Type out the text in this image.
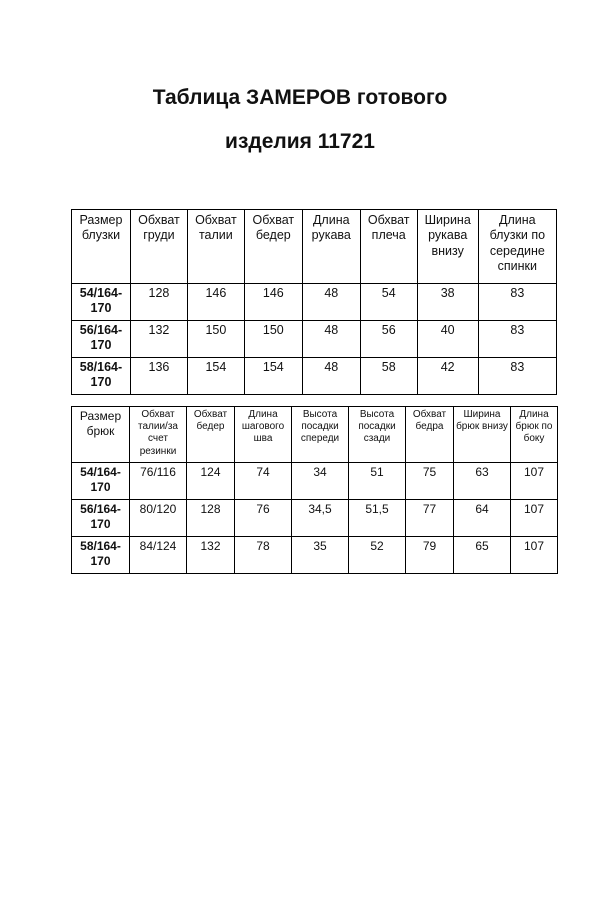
Таблица ЗАМЕРОВ готового
изделия 11721
Размер блузки	Обхват груди	Обхват талии	Обхват бедер	Длина рукава	Обхват плеча	Ширина рукава внизу	Длина блузки по середине спинки
54/164-170	128	146	146	48	54	38	83
56/164-170	132	150	150	48	56	40	83
58/164-170	136	154	154	48	58	42	83
Размер брюк	Обхват талии/за счет резинки	Обхват бедер	Длина шагового шва	Высота посадки спереди	Высота посадки сзади	Обхват бедра	Ширина брюк внизу	Длина брюк по боку
54/164-170	76/116	124	74	34	51	75	63	107
56/164-170	80/120	128	76	34,5	51,5	77	64	107
58/164-170	84/124	132	78	35	52	79	65	107
